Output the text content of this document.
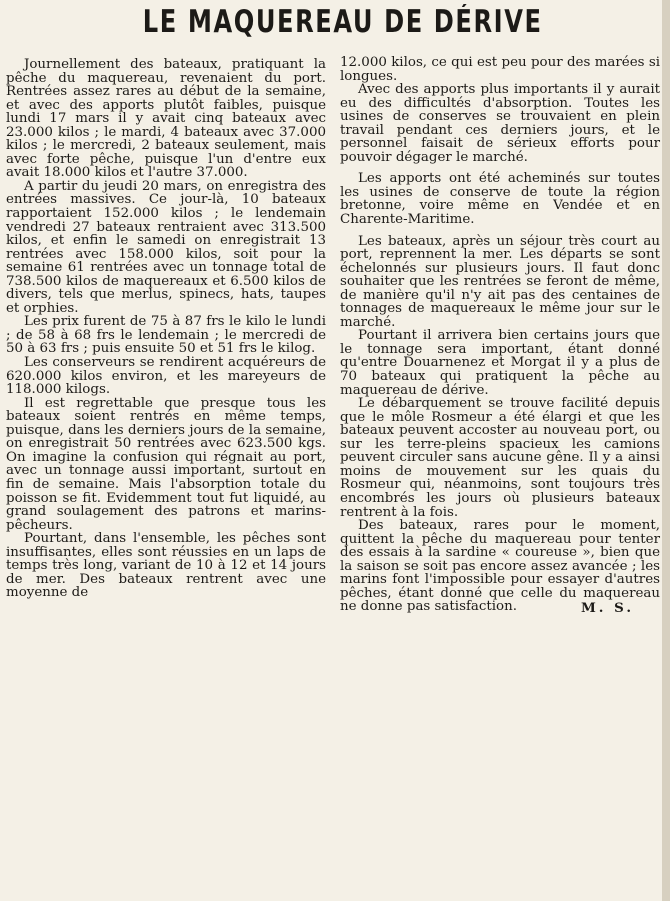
LE MAQUEREAU DE DÉRIVE

Journellement des bateaux, pratiquant la pêche du maquereau, revenaient du port. Rentrées assez rares au début de la semaine, et avec des apports plutôt faibles, puisque lundi 17 mars il y avait cinq bateaux avec 23.000 kilos ; le mardi, 4 bateaux avec 37.000 kilos ; le mercredi, 2 bateaux seulement, mais avec forte pêche, puisque l'un d'entre eux avait 18.000 kilos et l'autre 37.000.

A partir du jeudi 20 mars, on enregistra des entrées massives. Ce jour-là, 10 bateaux rapportaient 152.000 kilos ; le lendemain vendredi 27 bateaux rentraient avec 313.500 kilos, et enfin le samedi on enregistrait 13 rentrées avec 158.000 kilos, soit pour la semaine 61 rentrées avec un tonnage total de 738.500 kilos de maquereaux et 6.500 kilos de divers, tels que merlus, spinecs, hats, taupes et orphies.

Les prix furent de 75 à 87 frs le kilo le lundi ; de 58 à 68 frs le lendemain ; le mercredi de 50 à 63 frs ; puis ensuite 50 et 51 frs le kilog.

Les conserveurs se rendirent acquéreurs de 620.000 kilos environ, et les mareyeurs de 118.000 kilogs.

Il est regrettable que presque tous les bateaux soient rentrés en même temps, puisque, dans les derniers jours de la semaine, on enregistrait 50 rentrées avec 623.500 kgs. On imagine la confusion qui régnait au port, avec un tonnage aussi important, surtout en fin de semaine. Mais l'absorption totale du poisson se fit. Evidemment tout fut liquidé, au grand soulagement des patrons et marins-pêcheurs.

Pourtant, dans l'ensemble, les pêches sont insuffisantes, elles sont réussies en un laps de temps très long, variant de 10 à 12 et 14 jours de mer. Des bateaux rentrent avec une moyenne de

12.000 kilos, ce qui est peu pour des marées si longues.

Avec des apports plus importants il y aurait eu des difficultés d'absorption. Toutes les usines de conserves se trouvaient en plein travail pendant ces derniers jours, et le personnel faisait de sérieux efforts pour pouvoir dégager le marché.

Les apports ont été acheminés sur toutes les usines de conserve de toute la région bretonne, voire même en Vendée et en Charente-Maritime.

Les bateaux, après un séjour très court au port, reprennent la mer. Les départs se sont échelonnés sur plusieurs jours. Il faut donc souhaiter que les rentrées se feront de même, de manière qu'il n'y ait pas des centaines de tonnages de maquereaux le même jour sur le marché.

Pourtant il arrivera bien certains jours que le tonnage sera important, étant donné qu'entre Douarnenez et Morgat il y a plus de 70 bateaux qui pratiquent la pêche au maquereau de dérive.

Le débarquement se trouve facilité depuis que le môle Rosmeur a été élargi et que les bateaux peuvent accoster au nouveau port, ou sur les terre-pleins spacieux les camions peuvent circuler sans aucune gêne. Il y a ainsi moins de mouvement sur les quais du Rosmeur qui, néanmoins, sont toujours très encombrés les jours où plusieurs bateaux rentrent à la fois.

Des bateaux, rares pour le moment, quittent la pêche du maquereau pour tenter des essais à la sardine « coureuse », bien que la saison se soit pas encore assez avancée ; les marins font l'impossible pour essayer d'autres pêches, étant donné que celle du maquereau ne donne pas satisfaction.	M. S.
